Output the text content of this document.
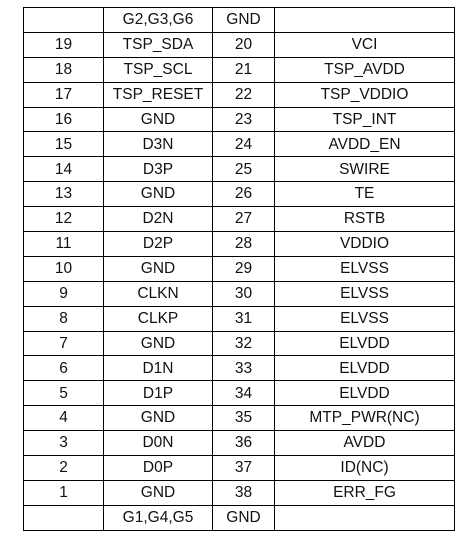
	G2,G3,G6	GND	
19	TSP_SDA	20	VCI
18	TSP_SCL	21	TSP_AVDD
17	TSP_RESET	22	TSP_VDDIO
16	GND	23	TSP_INT
15	D3N	24	AVDD_EN
14	D3P	25	SWIRE
13	GND	26	TE
12	D2N	27	RSTB
11	D2P	28	VDDIO
10	GND	29	ELVSS
9	CLKN	30	ELVSS
8	CLKP	31	ELVSS
7	GND	32	ELVDD
6	D1N	33	ELVDD
5	D1P	34	ELVDD
4	GND	35	MTP_PWR(NC)
3	D0N	36	AVDD
2	D0P	37	ID(NC)
1	GND	38	ERR_FG
	G1,G4,G5	GND	
